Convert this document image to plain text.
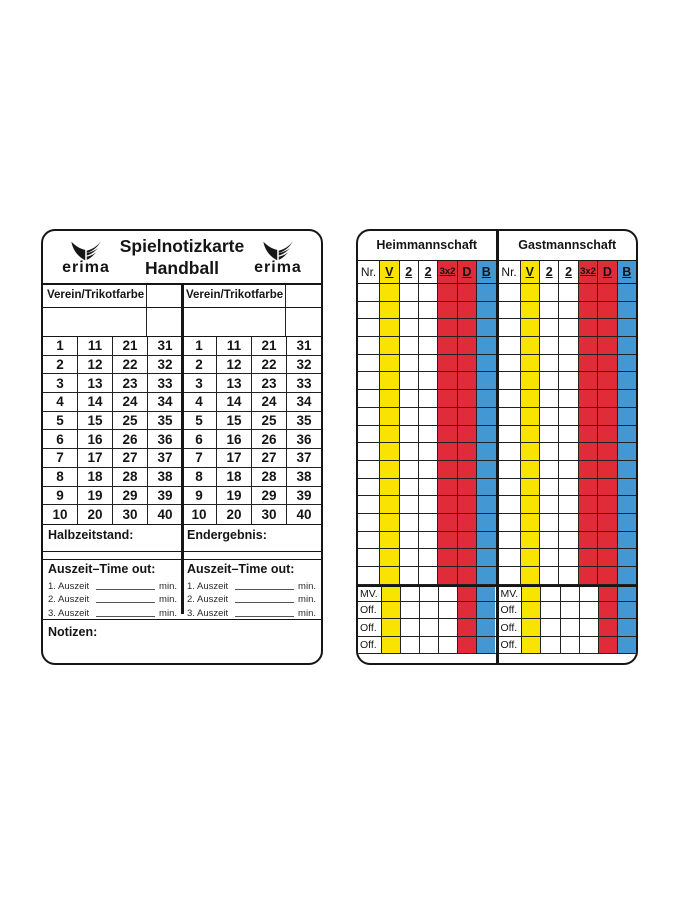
erima
Spielnotizkarte
Handball	erima
Verein/Trikotfarbe	Verein/Trikotfarbe
1	11	21	31
2	12	22	32
3	13	23	33
4	14	24	34
5	15	25	35
6	16	26	36
7	17	27	37
8	18	28	38
9	19	29	39
10	20	30	40
1	11	21	31
2	12	22	32
3	13	23	33
4	14	24	34
5	15	25	35
6	16	26	36
7	17	27	37
8	18	28	38
9	19	29	39
10	20	30	40
Halbzeitstand:	Endergebnis:
Auszeit–Time out:
1. Auszeit	min.
2. Auszeit	min.
3. Auszeit	min.
Auszeit–Time out:
1. Auszeit	min.
2. Auszeit	min.
3. Auszeit	min.
Notizen:
Heimmannschaft
Nr. V 2 2 3x2 D B
MV.
Off.
Off.
Off.
Gastmannschaft
Nr. V 2 2 3x2 D B
MV.
Off.
Off.
Off.
